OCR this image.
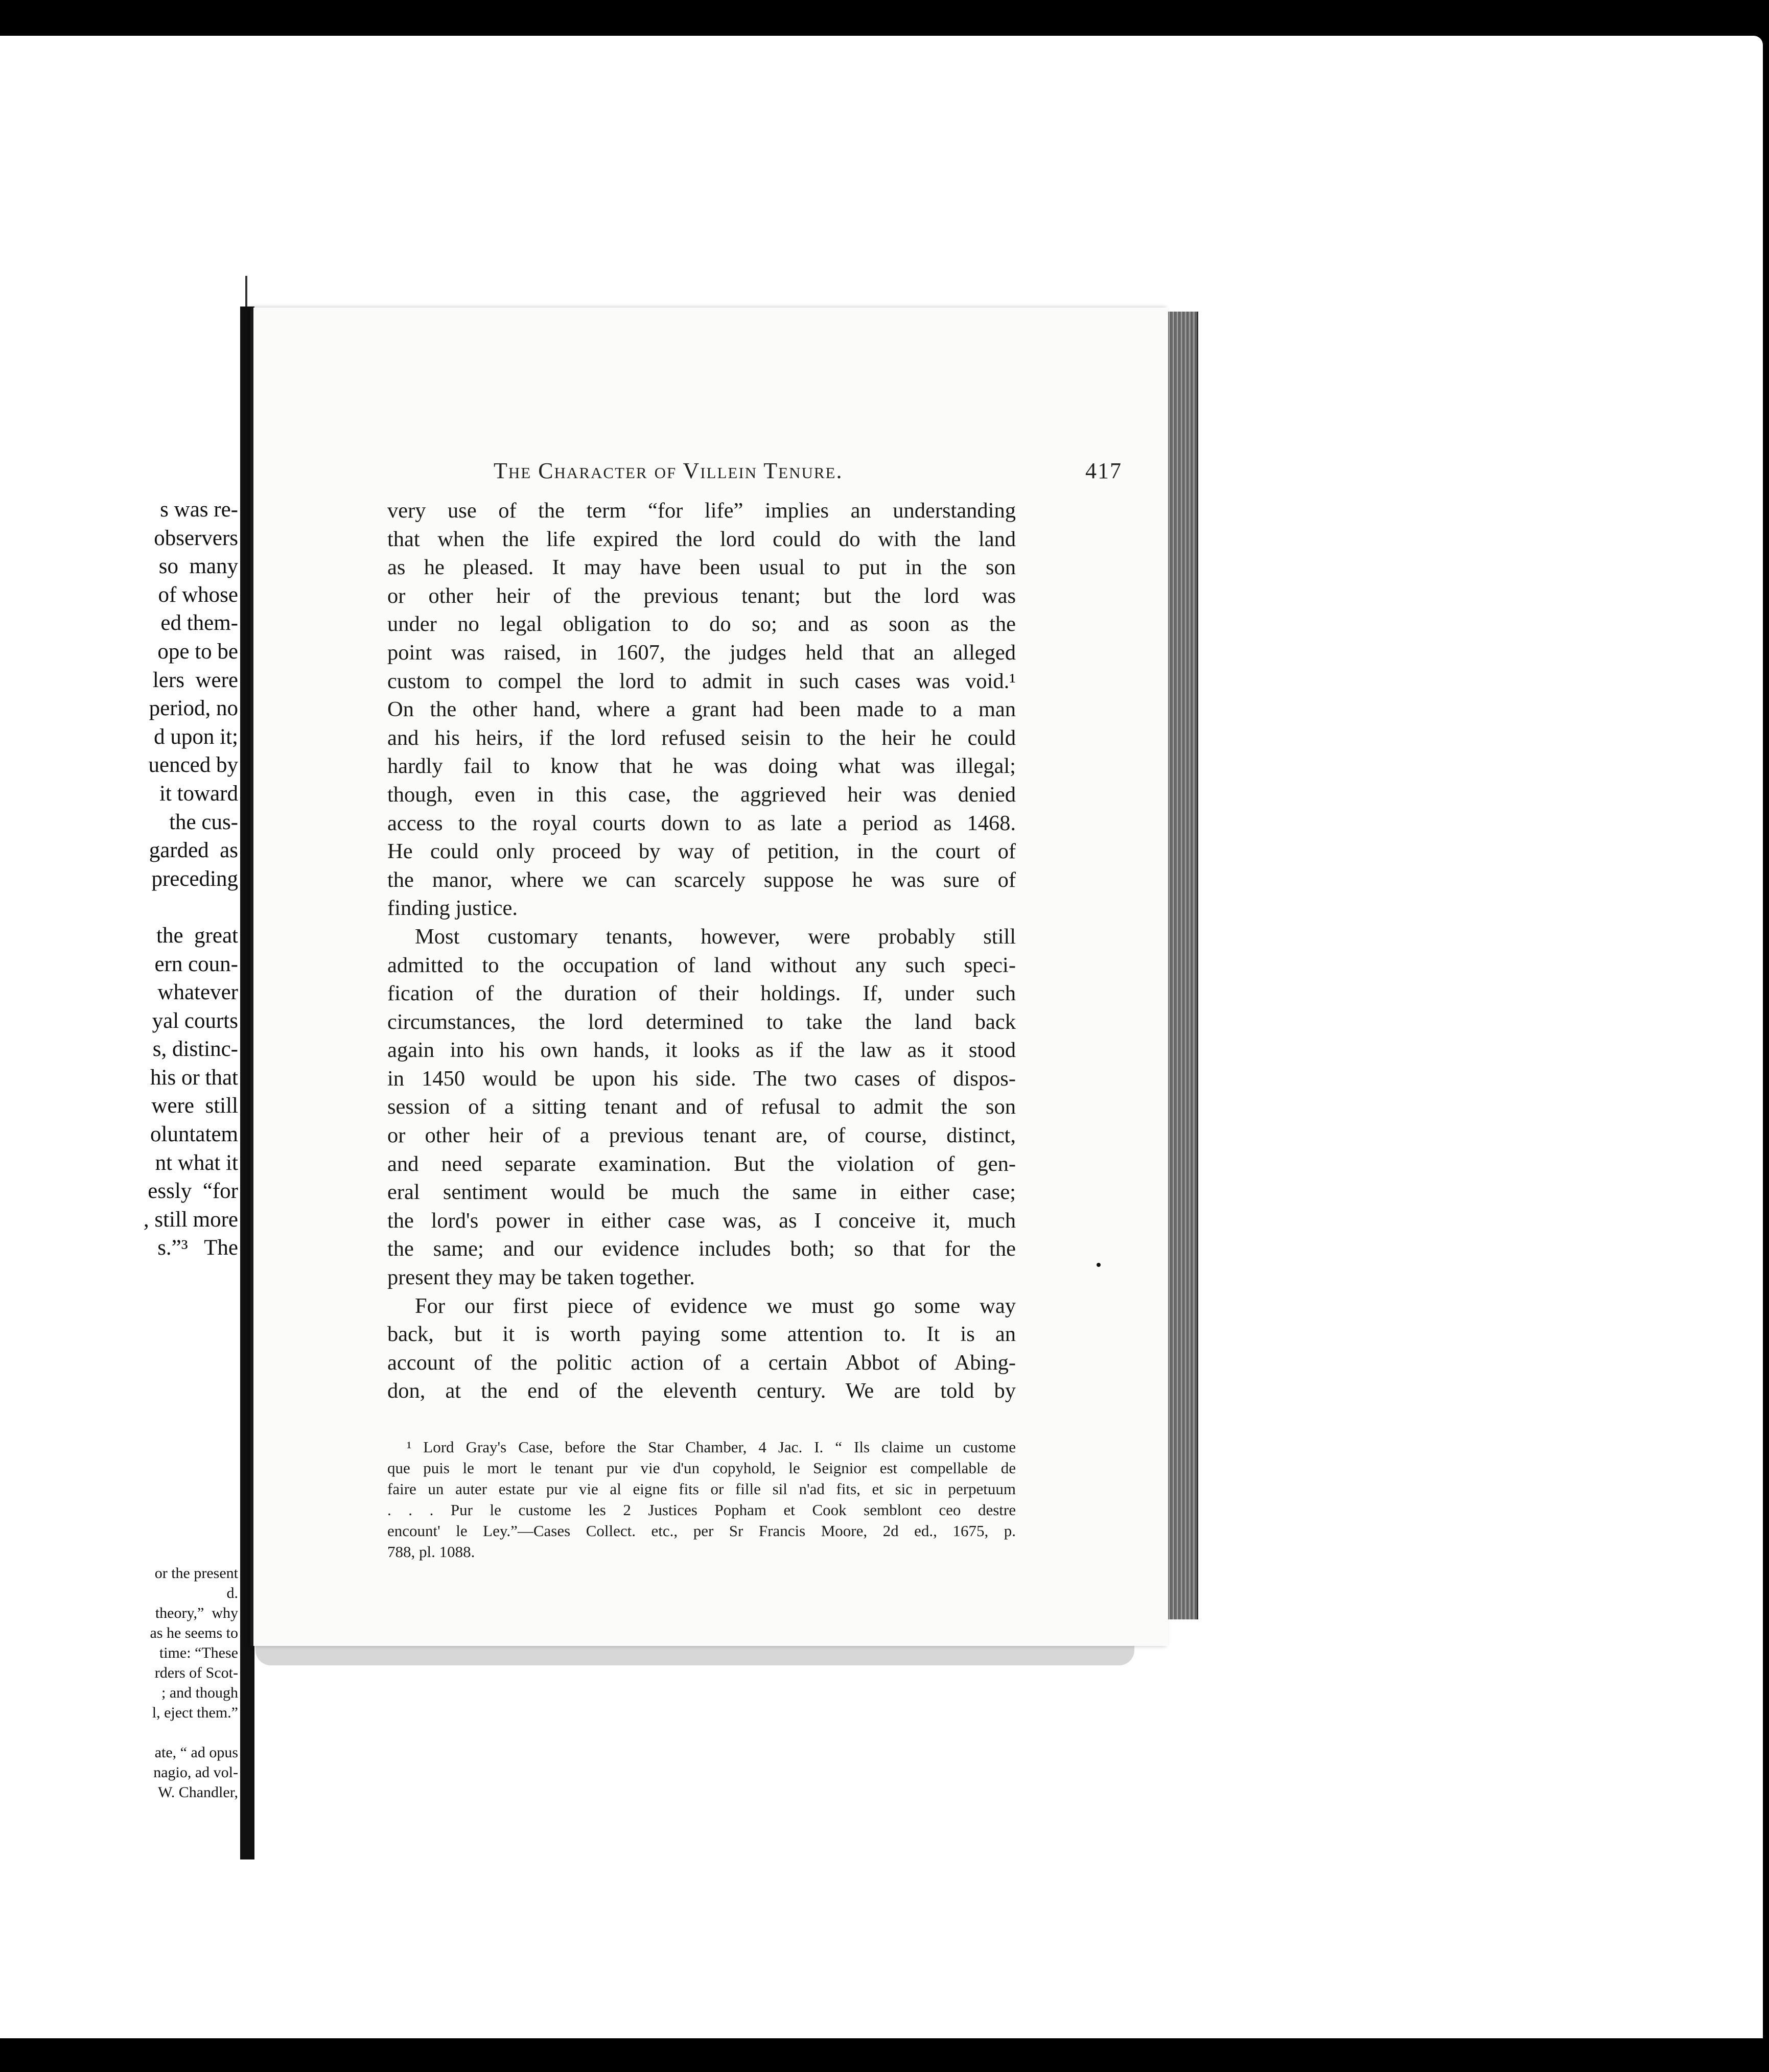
s was re-
observers
so  many
of whose
ed them-
ope to be
lers  were
period, no
d upon it;
uenced by
it toward
the cus-
garded  as
preceding

the  great
ern coun-
whatever
yal courts
s, distinc-
his or that
were  still
oluntatem
nt what it
essly  “for
, still more
s.”³   The
or the present
d.
theory,”  why
as he seems to
time: “These
rders of Scot-
; and though
l, eject them.”

ate, “ ad opus
nagio, ad vol-
W. Chandler,
The Character of Villein Tenure.	417
very use of the term “for life” implies an understanding
that when the life expired the lord could do with the land
as he pleased. It may have been usual to put in the son
or other heir of the previous tenant; but the lord was
under no legal obligation to do so; and as soon as the
point was raised, in 1607, the judges held that an alleged
custom to compel the lord to admit in such cases was void.¹
On the other hand, where a grant had been made to a man
and his heirs, if the lord refused seisin to the heir he could
hardly fail to know that he was doing what was illegal;
though, even in this case, the aggrieved heir was denied
access to the royal courts down to as late a period as 1468.
He could only proceed by way of petition, in the court of
the manor, where we can scarcely suppose he was sure of
finding justice.
Most customary tenants, however, were probably still
admitted to the occupation of land without any such speci-
fication of the duration of their holdings. If, under such
circumstances, the lord determined to take the land back
again into his own hands, it looks as if the law as it stood
in 1450 would be upon his side. The two cases of dispos-
session of a sitting tenant and of refusal to admit the son
or other heir of a previous tenant are, of course, distinct,
and need separate examination. But the violation of gen-
eral sentiment would be much the same in either case;
the lord's power in either case was, as I conceive it, much
the same; and our evidence includes both; so that for the
present they may be taken together.
For our first piece of evidence we must go some way
back, but it is worth paying some attention to. It is an
account of the politic action of a certain Abbot of Abing-
don, at the end of the eleventh century. We are told by
¹ Lord Gray's Case, before the Star Chamber, 4 Jac. I. “ Ils claime un custome
que puis le mort le tenant pur vie d'un copyhold, le Seignior est compellable de
faire un auter estate pur vie al eigne fits or fille sil n'ad fits, et sic in perpetuum
. . . Pur le custome les 2 Justices Popham et Cook semblont ceo destre
encount' le Ley.”—Cases Collect. etc., per Sr Francis Moore, 2d ed., 1675, p.
788, pl. 1088.
